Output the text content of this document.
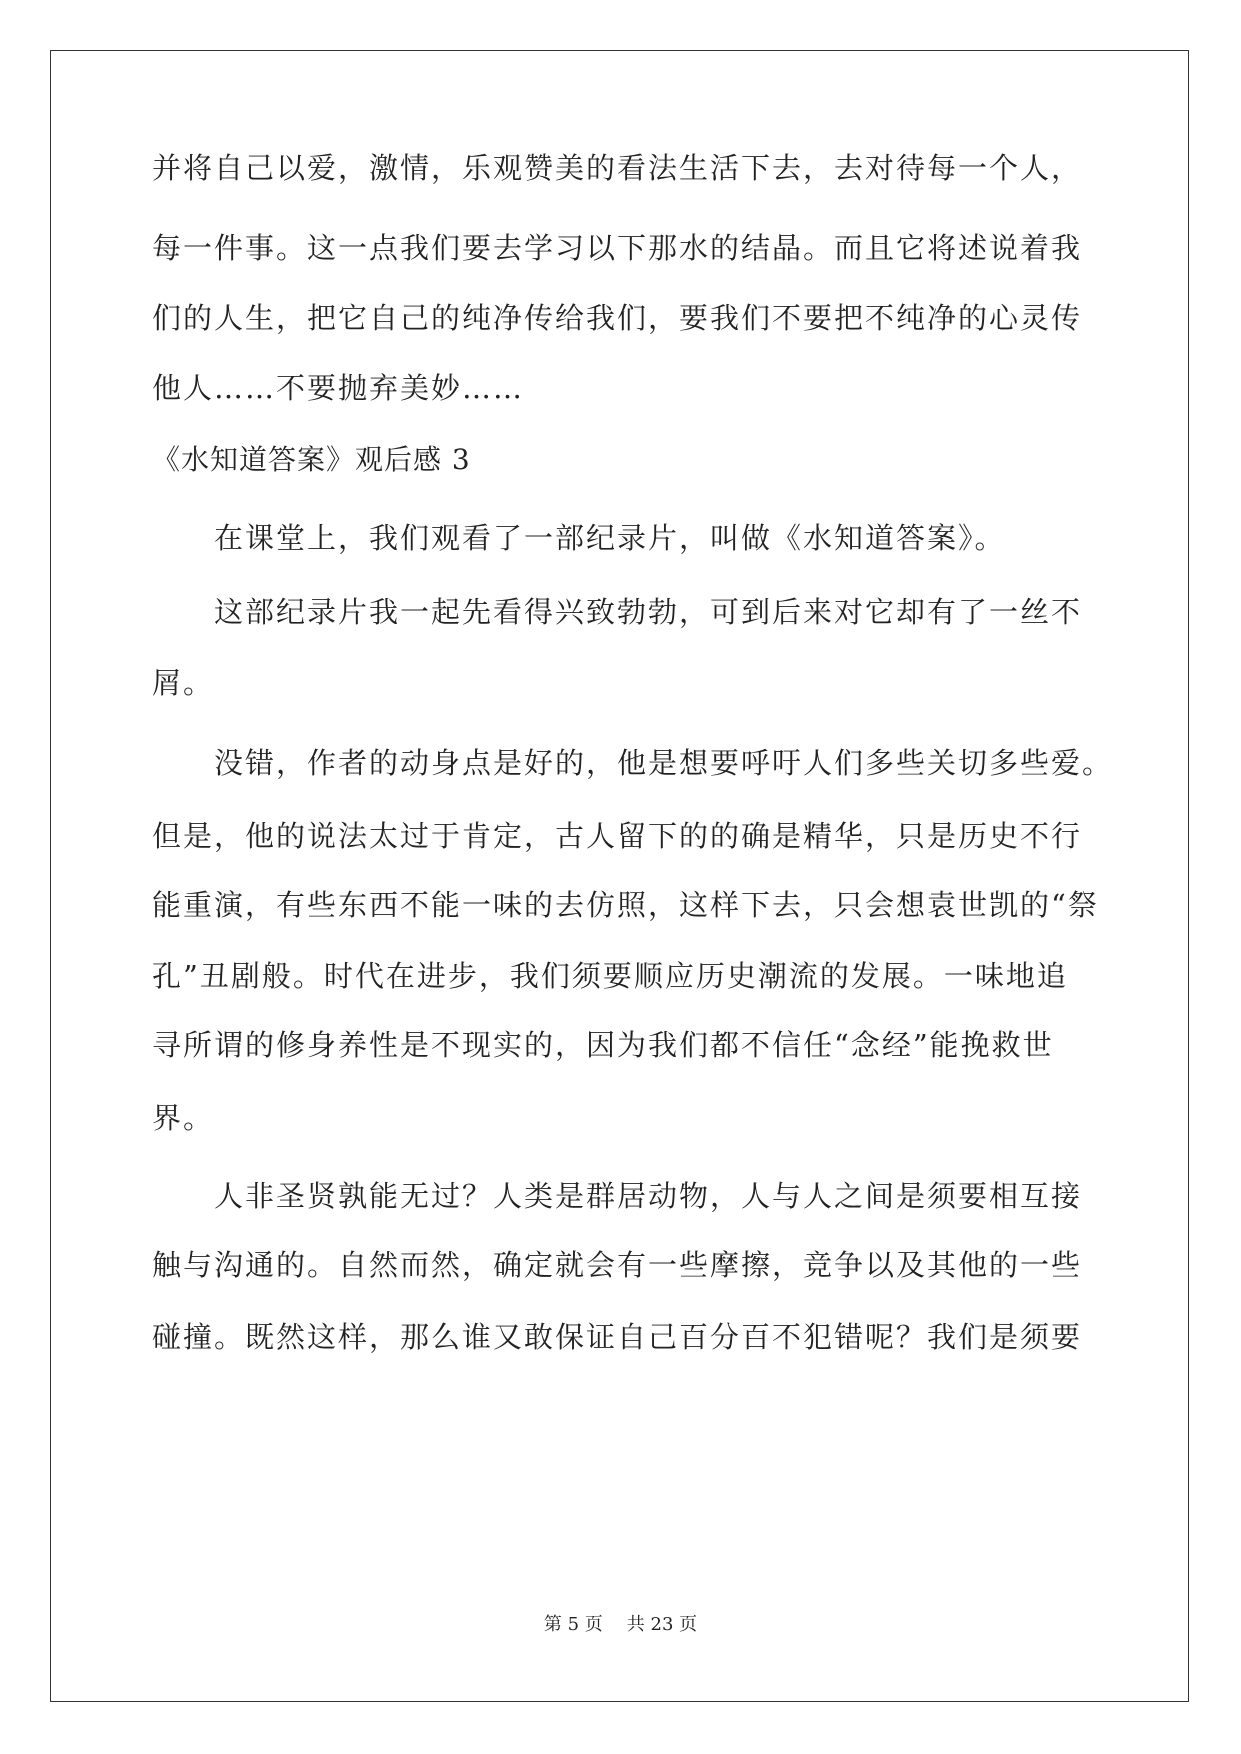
并将自己以爱，激情，乐观赞美的看法生活下去，去对待每一个人，
每一件事。这一点我们要去学习以下那水的结晶。而且它将述说着我
们的人生，把它自己的纯净传给我们，要我们不要把不纯净的心灵传
他人……不要抛弃美妙……
《水知道答案》观后感 3
在课堂上，我们观看了一部纪录片，叫做《水知道答案》。
这部纪录片我一起先看得兴致勃勃，可到后来对它却有了一丝不
屑。
没错，作者的动身点是好的，他是想要呼吁人们多些关切多些爱。
但是，他的说法太过于肯定，古人留下的的确是精华，只是历史不行
能重演，有些东西不能一味的去仿照，这样下去，只会想袁世凯的“祭
孔”丑剧般。时代在进步，我们须要顺应历史潮流的发展。一味地追
寻所谓的修身养性是不现实的，因为我们都不信任“念经”能挽救世
界。
人非圣贤孰能无过？人类是群居动物，人与人之间是须要相互接
触与沟通的。自然而然，确定就会有一些摩擦，竞争以及其他的一些
碰撞。既然这样，那么谁又敢保证自己百分百不犯错呢？我们是须要
第 5 页 共 23 页
